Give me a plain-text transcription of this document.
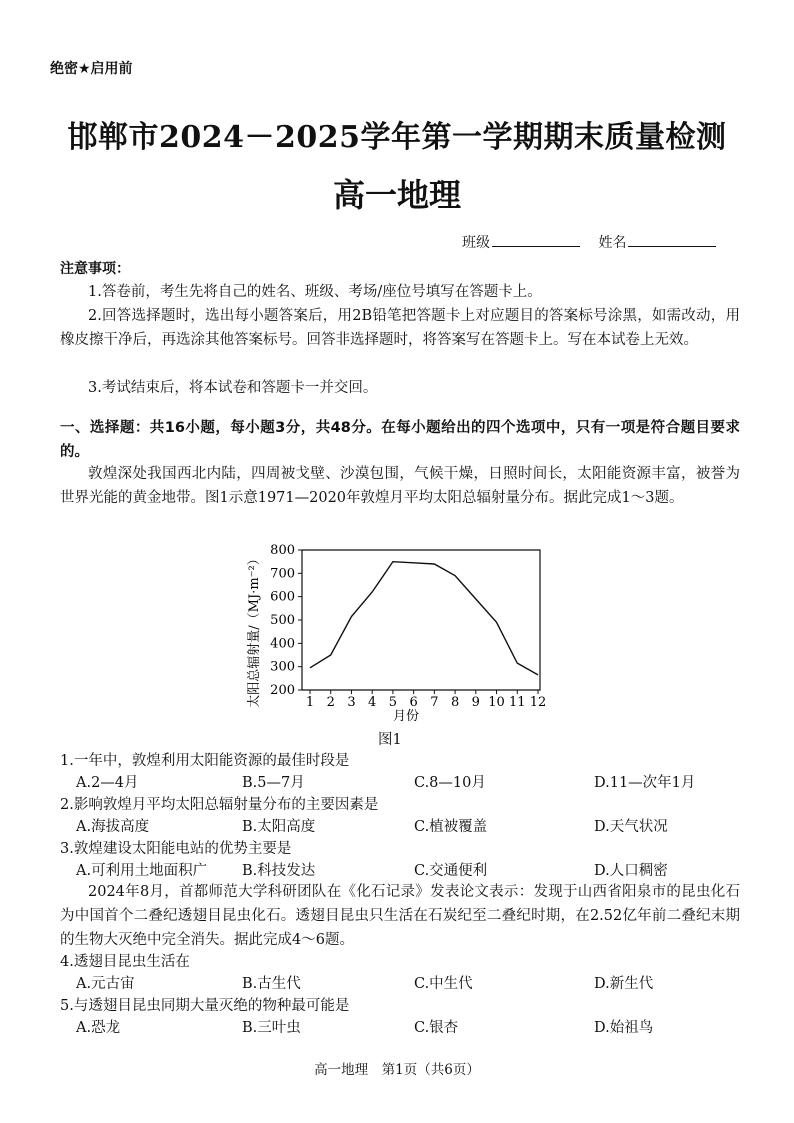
绝密★启用前
邯郸市2024－2025学年第一学期期末质量检测
高一地理
班级	姓名
注意事项：
1.答卷前，考生先将自己的姓名、班级、考场/座位号填写在答题卡上。
2.回答选择题时，选出每小题答案后，用2B铅笔把答题卡上对应题目的答案标号涂黑，如需改动，用橡皮擦干净后，再选涂其他答案标号。回答非选择题时，将答案写在答题卡上。写在本试卷上无效。
3.考试结束后，将本试卷和答题卡一并交回。
一、选择题：共16小题，每小题3分，共48分。在每小题给出的四个选项中，只有一项是符合题目要求的。
敦煌深处我国西北内陆，四周被戈壁、沙漠包围，气候干燥，日照时间长，太阳能资源丰富，被誉为世界光能的黄金地带。图1示意1971—2020年敦煌月平均太阳总辐射量分布。据此完成1～3题。
太阳总辐射量/（MJ·m⁻²）
月份
200
300
400
500
600
700
800
1 2 3 4 5 6 7 8 9 10 11 12
图1
1.一年中，敦煌利用太阳能资源的最佳时段是
A.2—4月	B.5—7月	C.8—10月	D.11—次年1月
2.影响敦煌月平均太阳总辐射量分布的主要因素是
A.海拔高度	B.太阳高度	C.植被覆盖	D.天气状况
3.敦煌建设太阳能电站的优势主要是
A.可利用土地面积广 B.科技发达	C.交通便利	D.人口稠密
2024年8月，首都师范大学科研团队在《化石记录》发表论文表示：发现于山西省阳泉市的昆虫化石为中国首个二叠纪透翅目昆虫化石。透翅目昆虫只生活在石炭纪至二叠纪时期，在2.52亿年前二叠纪末期的生物大灭绝中完全消失。据此完成4～6题。
4.透翅目昆虫生活在
A.元古宙	B.古生代	C.中生代	D.新生代
5.与透翅目昆虫同期大量灭绝的物种最可能是
A.恐龙	B.三叶虫	C.银杏	D.始祖鸟
高一地理　第1页（共6页）
